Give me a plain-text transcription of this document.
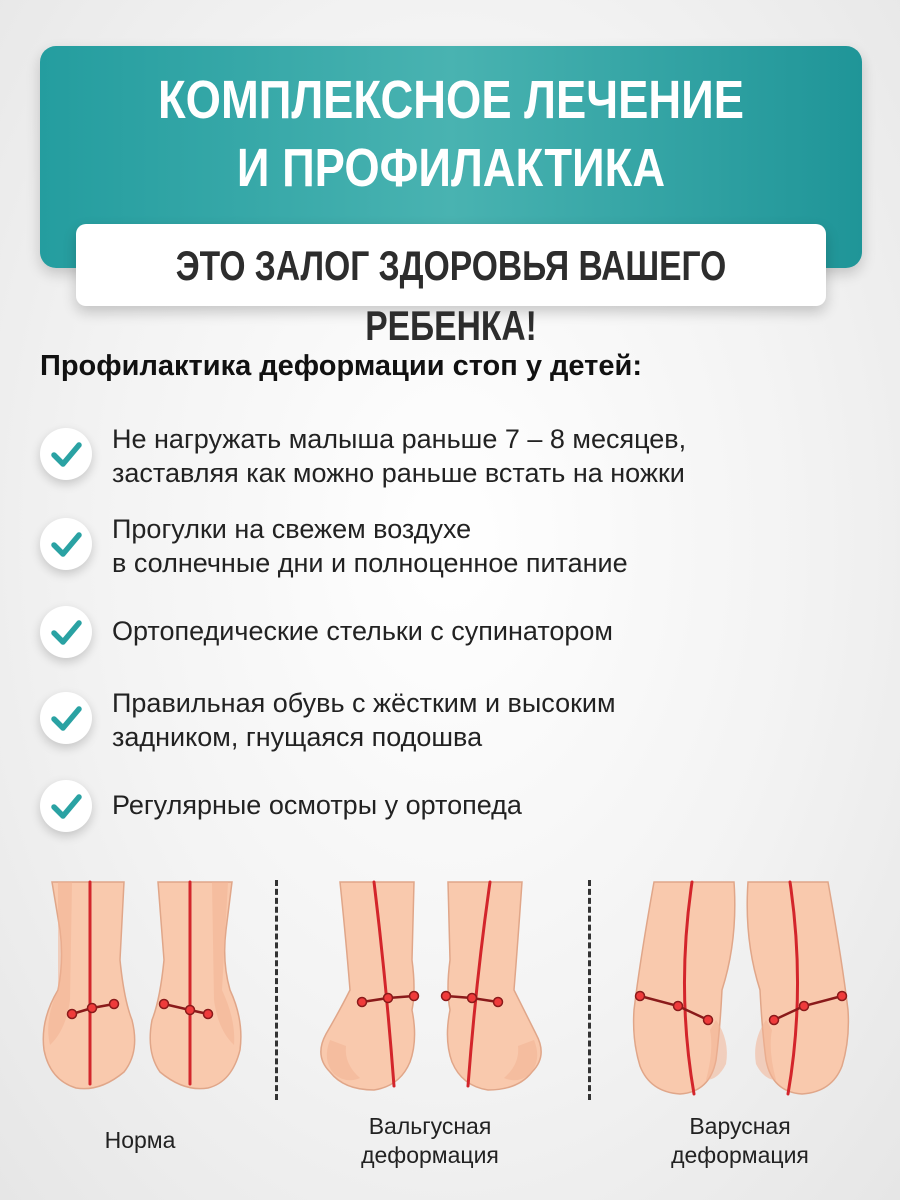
КОМПЛЕКСНОЕ ЛЕЧЕНИЕ
И ПРОФИЛАКТИКА
ЭТО ЗАЛОГ ЗДОРОВЬЯ ВАШЕГО РЕБЕНКА!
Профилактика деформации стоп у детей:
Не нагружать малыша раньше 7 – 8 месяцев,
заставляя как можно раньше встать на ножки
Прогулки на свежем воздухе
в солнечные дни и полноценное питание
Ортопедические стельки с супинатором
Правильная обувь с жёстким и высоким
задником, гнущаяся подошва
Регулярные осмотры у ортопеда
Норма
Вальгусная
деформация
Варусная
деформация
